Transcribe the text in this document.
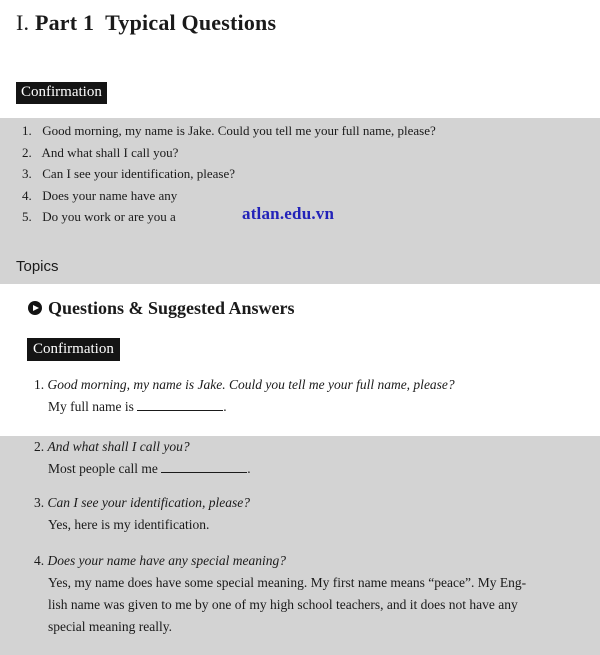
I. Part 1  Typical Questions
Confirmation
1. Good morning, my name is Jake. Could you tell me your full name, please?
2. And what shall I call you?
3. Can I see your identification, please?
4. Does your name have any
5. Do you work or are you a	atlan.edu.vn
Topics
Questions & Suggested Answers
Confirmation
1. Good morning, my name is Jake. Could you tell me your full name, please?
My full name is	.
2. And what shall I call you?
Most people call me	.
3. Can I see your identification, please?
Yes, here is my identification.
4. Does your name have any special meaning?
Yes, my name does have some special meaning. My first name means “peace”. My Eng-
lish name was given to me by one of my high school teachers, and it does not have any
special meaning really.
